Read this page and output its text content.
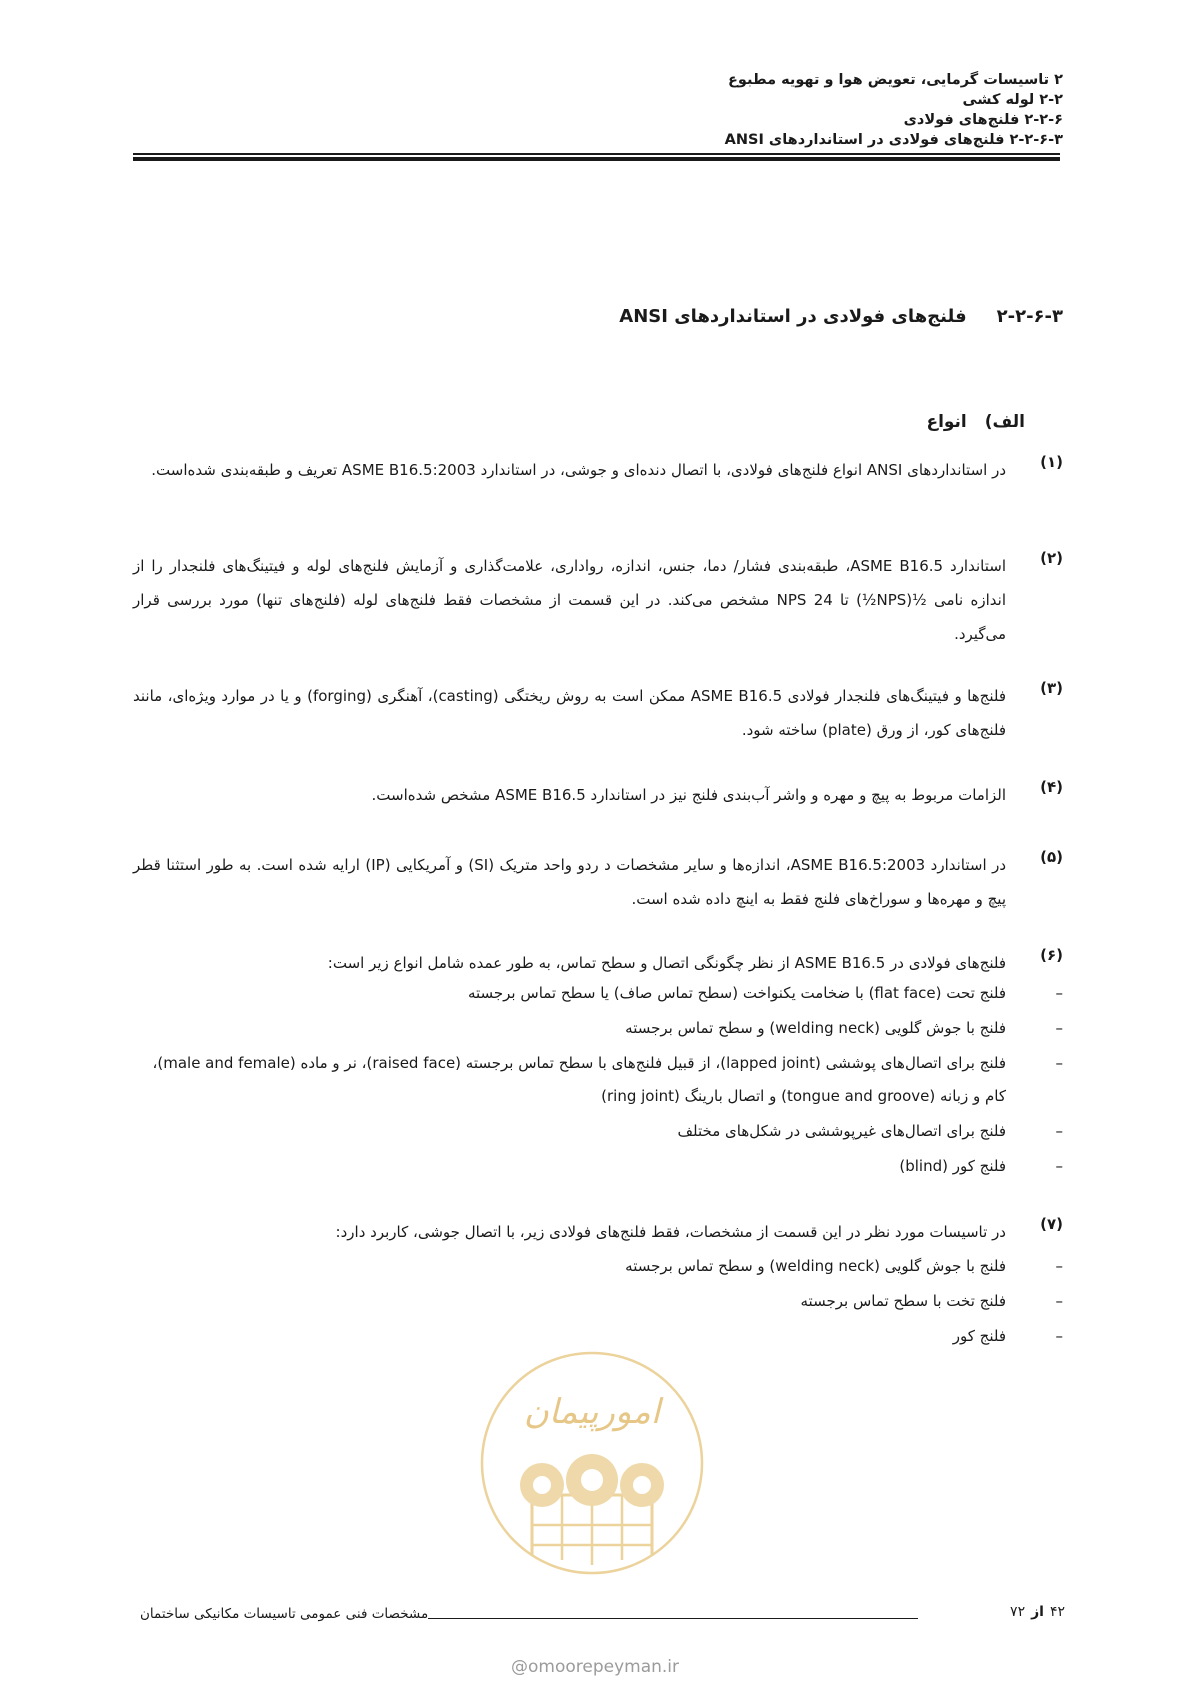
۲ تاسیسات گرمایی، تعویض هوا و تهویه مطبوع
۲-۲ لوله کشی
۲-۲-۶ فلنج‌های فولادی
۲-۲-۶-۳ فلنج‌های فولادی در استانداردهای ANSI
۲-۲-۶-۳فلنج‌های فولادی در استانداردهای ANSI
الف)انواع
(۱)
در استانداردهای ANSI انواع فلنج‌های فولادی، با اتصال دنده‌ای و جوشی، در استاندارد ASME B16.5:2003 تعریف و طبقه‌بندی شده‌است.
(۲)
استاندارد ASME B16.5، طبقه‌بندی فشار/ دما، جنس، اندازه، رواداری، علامت‌گذاری و آزمایش فلنج‌های لوله و فیتینگ‌های فلنجدار را از اندازه نامی ½(NPS½) تا NPS 24 مشخص می‌کند. در این قسمت از مشخصات فقط فلنج‌های لوله (فلنج‌های تنها) مورد بررسی قرار می‌گیرد.
(۳)
فلنج‌ها و فیتینگ‌های فلنجدار فولادی ASME B16.5 ممکن است به روش ریختگی (casting)، آهنگری (forging) و یا در موارد ویژه‌ای، مانند فلنج‌های کور، از ورق (plate) ساخته شود.
(۴)
الزامات مربوط به پیچ و مهره و واشر آب‌بندی فلنج نیز در استاندارد ASME B16.5 مشخص شده‌است.
(۵)
در استاندارد ASME B16.5:2003، اندازه‌ها و سایر مشخصات د ردو واحد متریک (SI) و آمریکایی (IP) ارایه شده است. به طور استثنا قطر پیچ و مهره‌ها و سوراخ‌های فلنج فقط به اینچ داده شده است.
(۶)
فلنج‌های فولادی در ASME B16.5 از نظر چگونگی اتصال و سطح تماس، به طور عمده شامل انواع زیر است:
–
فلنج تحت (flat face) با ضخامت یکنواخت (سطح تماس صاف) یا سطح تماس برجسته
–
فلنج با جوش گلویی (welding neck) و سطح تماس برجسته
–
فلنج برای اتصال‌های پوششی (lapped joint)، از قبیل فلنج‌های با سطح تماس برجسته (raised face)، نر و ماده (male and female)، کام و زبانه (tongue and groove) و اتصال بارینگ (ring joint)
–
فلنج برای اتصال‌های غیرپوششی در شکل‌های مختلف
–
فلنج کور (blind)
(۷)
در تاسیسات مورد نظر در این قسمت از مشخصات، فقط فلنج‌های فولادی زیر، با اتصال جوشی، کاربرد دارد:
–
فلنج با جوش گلویی (welding neck) و سطح تماس برجسته
–
فلنج تخت با سطح تماس برجسته
–
فلنج کور
امورپیمان
مشخصات فنی عمومی تاسیسات مکانیکی ساختمان	۴۲از۷۲
@omoorepeyman.ir
